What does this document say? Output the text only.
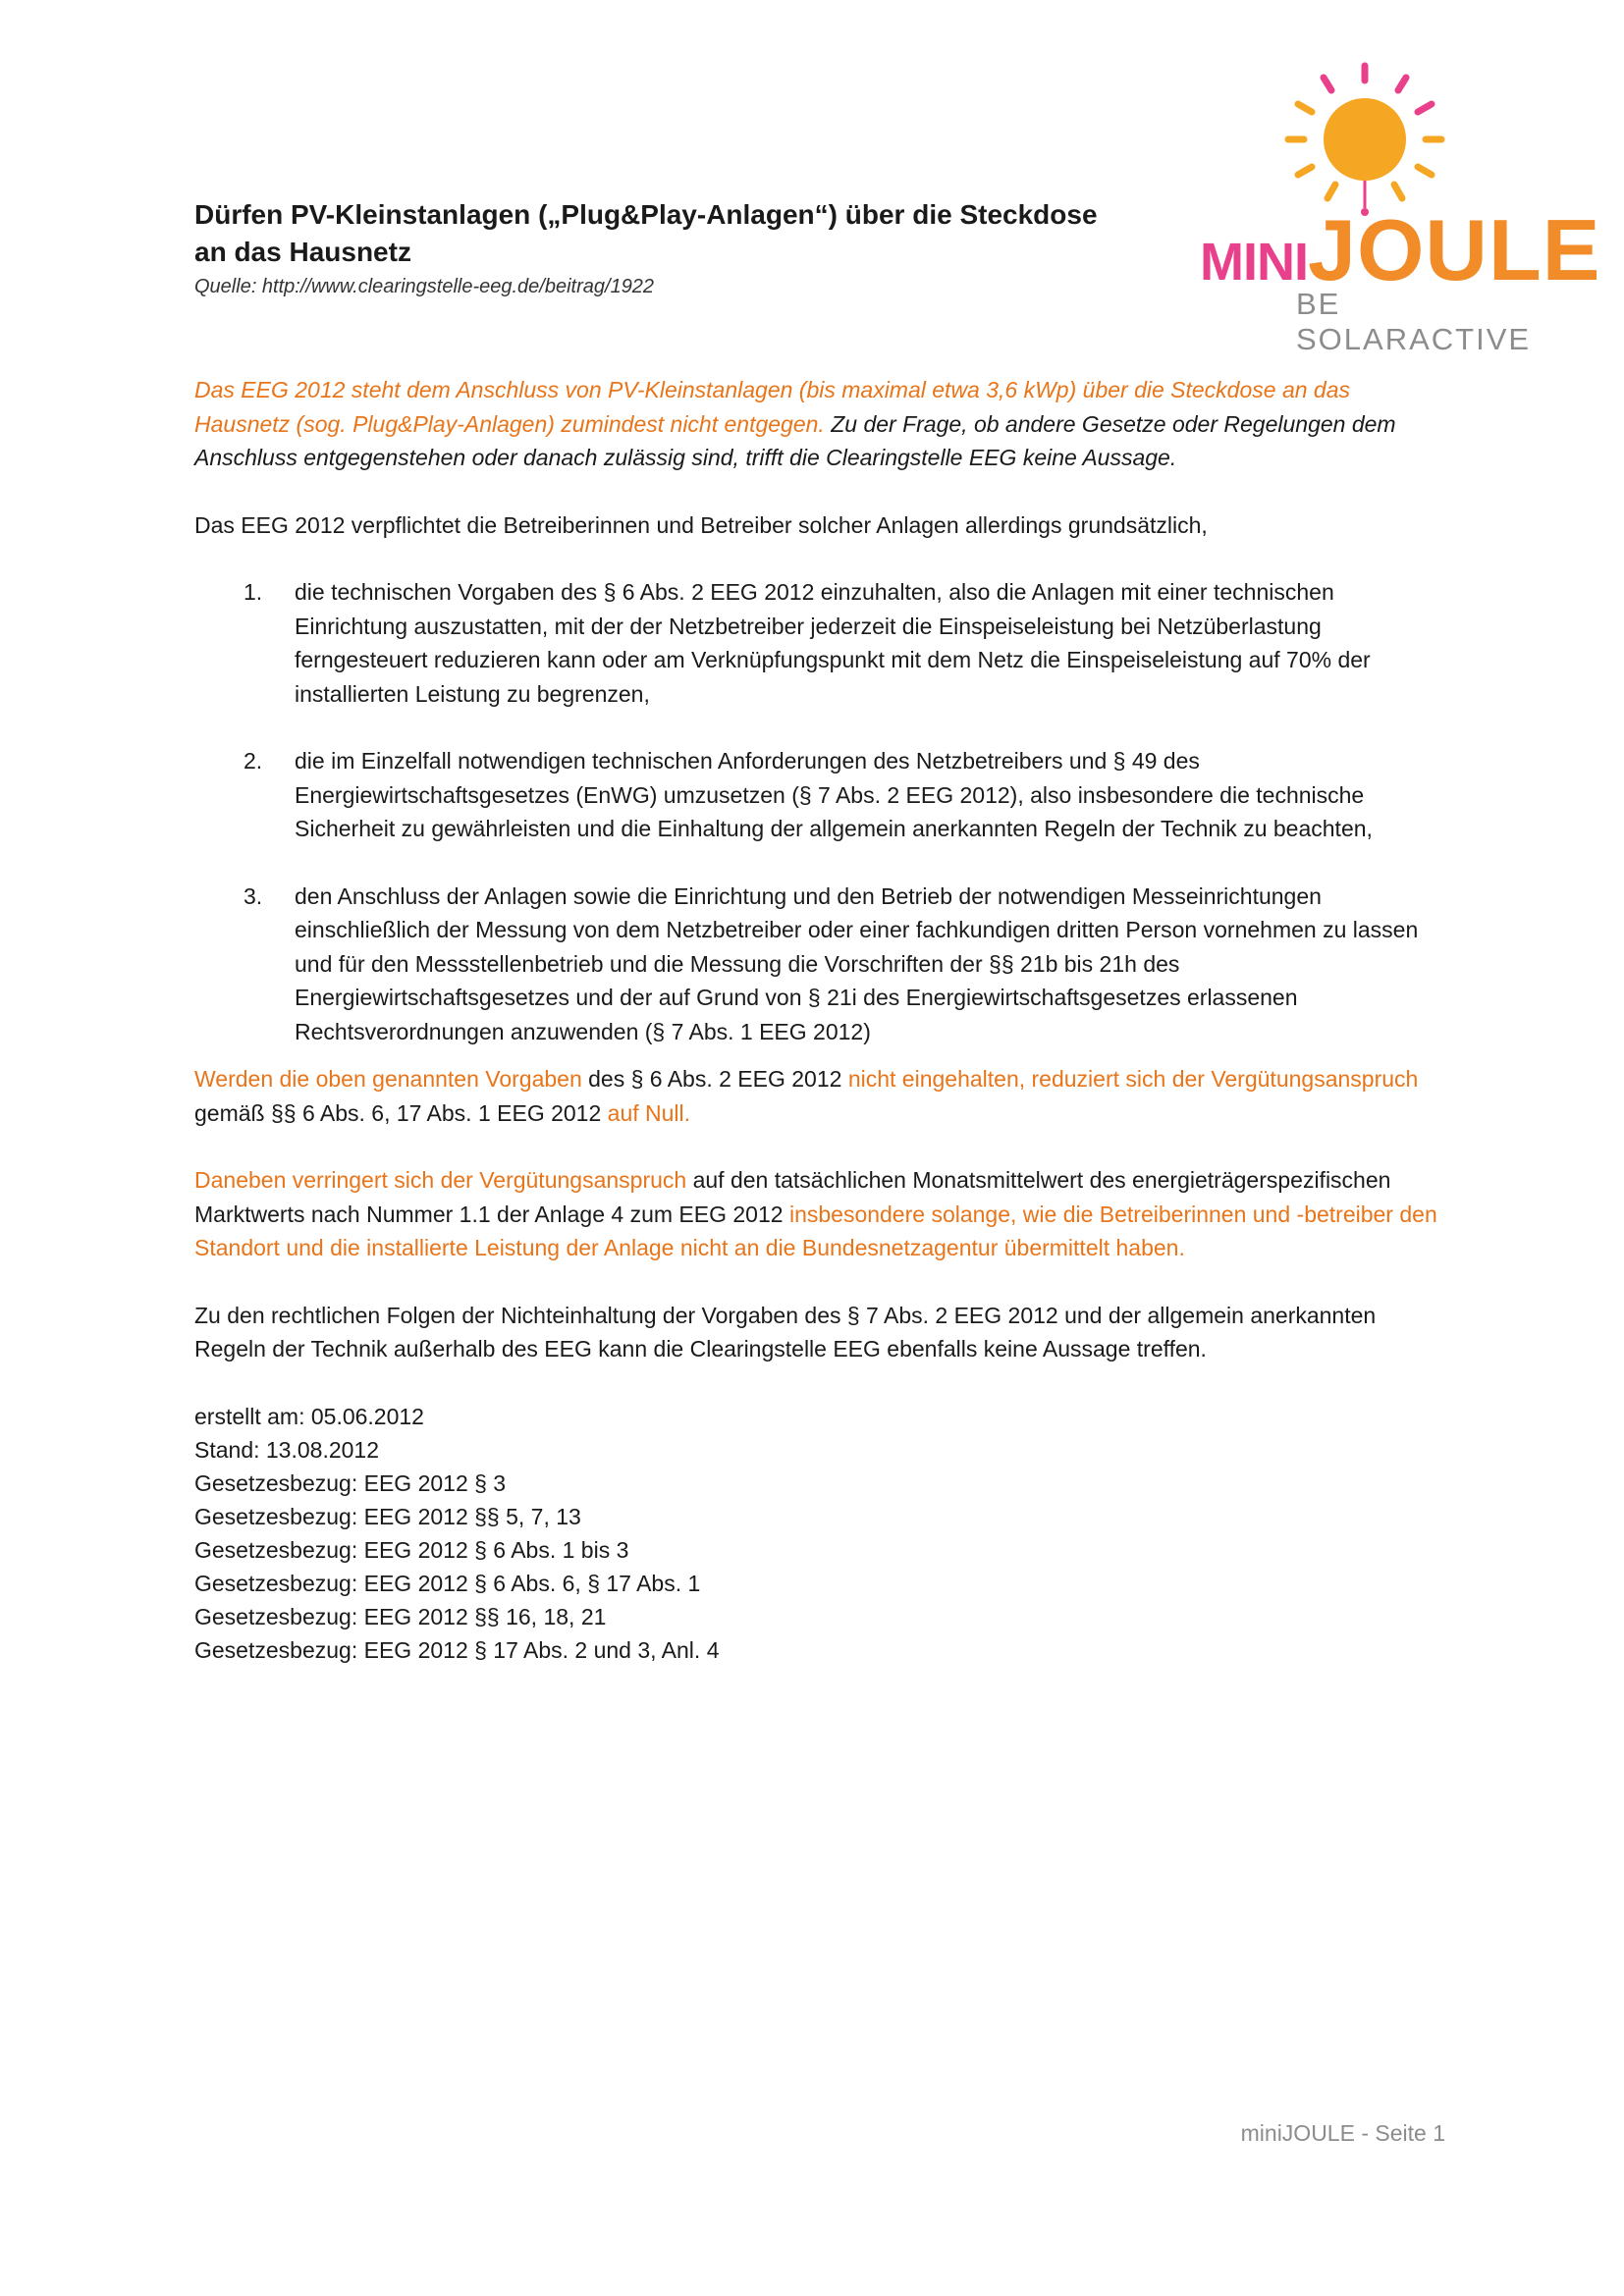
MINIJOULE
BE SOLARACTIVE
Dürfen PV-Kleinstanlagen („Plug&Play-Anlagen“) über die Steckdose
an das Hausnetz
Quelle: http://www.clearingstelle-eeg.de/beitrag/1922

Das EEG 2012 steht dem Anschluss von PV-Kleinstanlagen (bis maximal etwa 3,6 kWp) über die Steckdose an das Hausnetz (sog. Plug&Play-Anlagen) zumindest nicht entgegen. Zu der Frage, ob andere Gesetze oder Regelungen dem Anschluss entgegenstehen oder danach zulässig sind, trifft die Clearingstelle EEG keine Aussage.

Das EEG 2012 verpflichtet die Betreiberinnen und Betreiber solcher Anlagen allerdings grundsätzlich,

1. die technischen Vorgaben des § 6 Abs. 2 EEG 2012 einzuhalten, also die Anlagen mit einer technischen Einrichtung auszustatten, mit der der Netzbetreiber jederzeit die Einspeiseleistung bei Netzüberlastung ferngesteuert reduzieren kann oder am Verknüpfungspunkt mit dem Netz die Einspeiseleistung auf 70% der installierten Leistung zu begrenzen,
2. die im Einzelfall notwendigen technischen Anforderungen des Netzbetreibers und § 49 des Energiewirtschaftsgesetzes (EnWG) umzusetzen (§ 7 Abs. 2 EEG 2012), also insbesondere die technische Sicherheit zu gewährleisten und die Einhaltung der allgemein anerkannten Regeln der Technik zu beachten,
3. den Anschluss der Anlagen sowie die Einrichtung und den Betrieb der notwendigen Messeinrichtungen einschließlich der Messung von dem Netzbetreiber oder einer fachkundigen dritten Person vornehmen zu lassen und für den Messstellenbetrieb und die Messung die Vorschriften der §§ 21b bis 21h des Energiewirtschaftsgesetzes und der auf Grund von § 21i des Energiewirtschaftsgesetzes erlassenen Rechtsverordnungen anzuwenden (§ 7 Abs. 1 EEG 2012)

Werden die oben genannten Vorgaben des § 6 Abs. 2 EEG 2012 nicht eingehalten, reduziert sich der Vergütungsanspruch gemäß §§ 6 Abs. 6, 17 Abs. 1 EEG 2012 auf Null.

Daneben verringert sich der Vergütungsanspruch auf den tatsächlichen Monatsmittelwert des energieträgerspezifischen Marktwerts nach Nummer 1.1 der Anlage 4 zum EEG 2012 insbesondere solange, wie die Betreiberinnen und -betreiber den Standort und die installierte Leistung der Anlage nicht an die Bundesnetzagentur übermittelt haben.

Zu den rechtlichen Folgen der Nichteinhaltung der Vorgaben des § 7 Abs. 2 EEG 2012 und der allgemein anerkannten Regeln der Technik außerhalb des EEG kann die Clearingstelle EEG ebenfalls keine Aussage treffen.

erstellt am: 05.06.2012
Stand: 13.08.2012
Gesetzesbezug: EEG 2012 § 3
Gesetzesbezug: EEG 2012 §§ 5, 7, 13
Gesetzesbezug: EEG 2012 § 6 Abs. 1 bis 3
Gesetzesbezug: EEG 2012 § 6 Abs. 6, § 17 Abs. 1
Gesetzesbezug: EEG 2012 §§ 16, 18, 21
Gesetzesbezug: EEG 2012 § 17 Abs. 2 und 3, Anl. 4
miniJOULE - Seite 1
